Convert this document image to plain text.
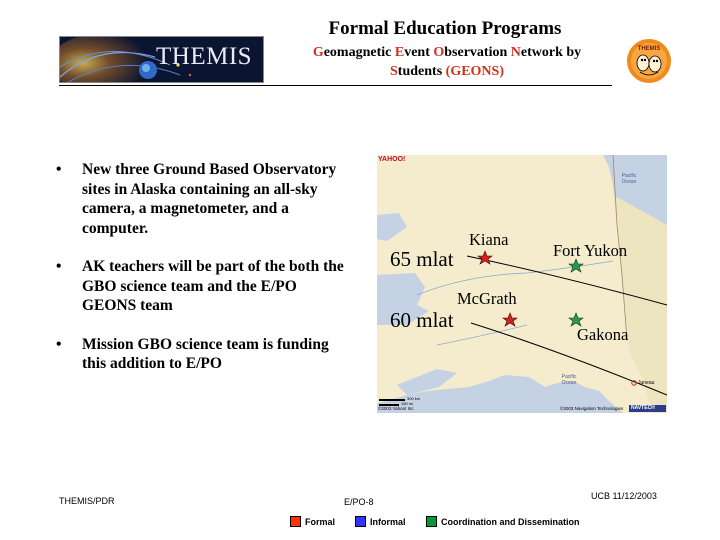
THEMIS
Formal Education Programs
Geomagnetic Event Observation Network by
Students (GEONS)
THEMIS
• New three Ground Based Observatory sites in Alaska containing an all-sky camera, a magnetometer, and a computer.
• AK teachers will be part of the both the GBO science team and the E/PO GEONS team
• Mission GBO science team is funding this addition to E/PO
YAHOO!
Pacific Ocean
Pacific Ocean	Juneau
300 km
150 mi
©2003 Yahoo! Inc	©2003 Navigation Technologies NAVTECH
Kiana
Fort Yukon
McGrath
Gakona
65 mlat
60 mlat
THEMIS/PDR	E/PO-8
UCB 11/12/2003
Formal	Informal	Coordination and Dissemination
